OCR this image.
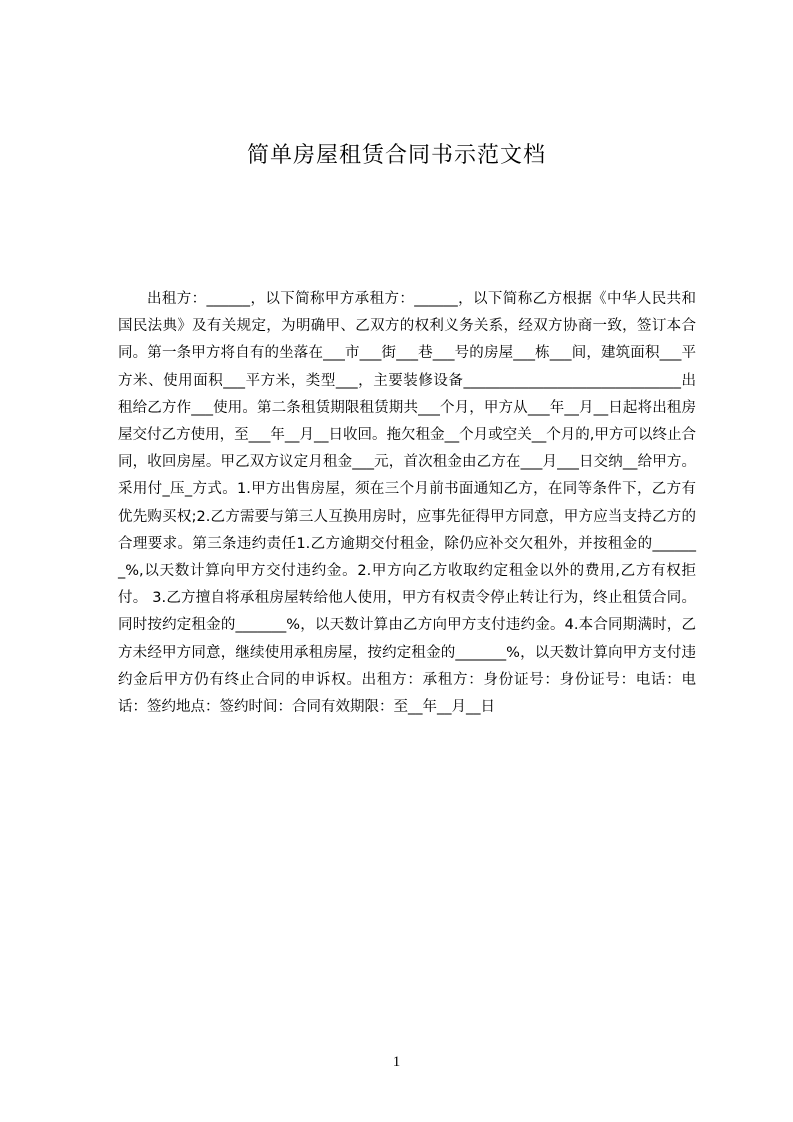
简单房屋租赁合同书示范文档

出租方：______，以下简称甲方承租方：______，以下简称乙方根据《中华人民共和国民法典》及有关规定，为明确甲、乙双方的权利义务关系，经双方协商一致，签订本合同。第一条甲方将自有的坐落在___市___街___巷___号的房屋___栋___间，建筑面积___平方米、使用面积___平方米，类型___，主要装修设备______________________________出租给乙方作___使用。第二条租赁期限租赁期共___个月，甲方从___年__月__日起将出租房屋交付乙方使用，至___年__月__日收回。拖欠租金__个月或空关__个月的,甲方可以终止合同，收回房屋。甲乙双方议定月租金___元，首次租金由乙方在___月___日交纳__给甲方。采用付_压_方式。1.甲方出售房屋，须在三个月前书面通知乙方，在同等条件下，乙方有优先购买权;2.乙方需要与第三人互换用房时，应事先征得甲方同意，甲方应当支持乙方的合理要求。第三条违约责任1.乙方逾期交付租金，除仍应补交欠租外，并按租金的_______%,以天数计算向甲方交付违约金。2.甲方向乙方收取约定租金以外的费用,乙方有权拒付。 3.乙方擅自将承租房屋转给他人使用，甲方有权责令停止转让行为，终止租赁合同。同时按约定租金的_______%，以天数计算由乙方向甲方支付违约金。4.本合同期满时，乙方未经甲方同意，继续使用承租房屋，按约定租金的_______%，以天数计算向甲方支付违约金后甲方仍有终止合同的申诉权。出租方：承租方：身份证号：身份证号：电话：电话：签约地点：签约时间：合同有效期限：至__年__月__日

1
